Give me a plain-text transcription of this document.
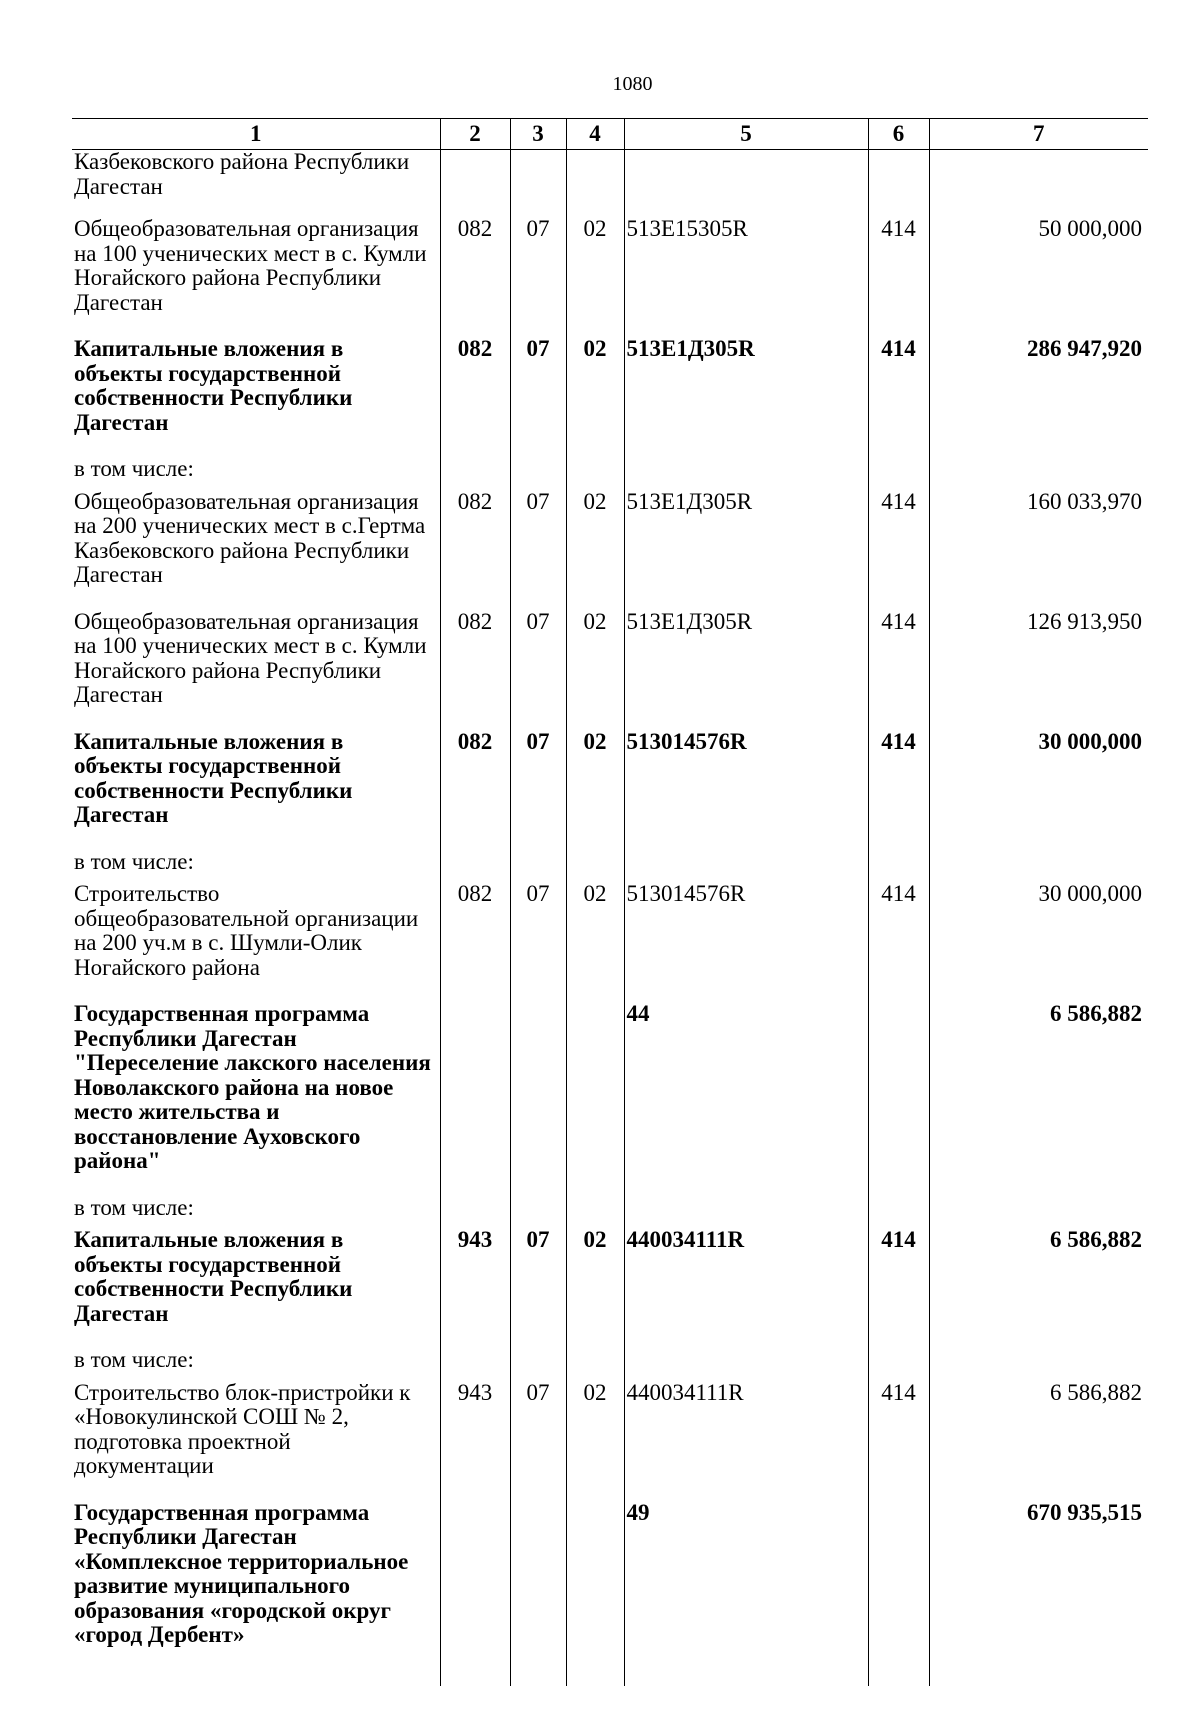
1080
1	2	3	4	5	6	7
Казбековского района Республики Дагестан						
Общеобразовательная организация на 100 ученических мест в с. Кумли Ногайского района Республики Дагестан	082	07	02	513E15305R	414	50 000,000
Капитальные вложения в объекты государственной собственности Республики Дагестан	082	07	02	513Е1Д305R	414	286 947,920
в том числе:						
Общеобразовательная организация на 200 ученических мест в с.Гертма Казбековского района Республики Дагестан	082	07	02	513Е1Д305R	414	160 033,970
Общеобразовательная организация на 100 ученических мест в с. Кумли Ногайского района Республики Дагестан	082	07	02	513Е1Д305R	414	126 913,950
Капитальные вложения в объекты государственной собственности Республики Дагестан	082	07	02	513014576R	414	30 000,000
в том числе:						
Строительство общеобразовательной организации на 200 уч.м в с. Шумли-Олик Ногайского района	082	07	02	513014576R	414	30 000,000
Государственная программа Республики Дагестан "Переселение лакского населения Новолакского района на новое место жительства и восстановление Ауховского района"				44		6 586,882
в том числе:						
Капитальные вложения в объекты государственной собственности Республики Дагестан	943	07	02	440034111R	414	6 586,882
в том числе:						
Строительство блок-пристройки к «Новокулинской СОШ № 2, подготовка проектной документации	943	07	02	440034111R	414	6 586,882
Государственная программа Республики Дагестан «Комплексное территориальное развитие муниципального образования «городской округ «город Дербент»				49		670 935,515
